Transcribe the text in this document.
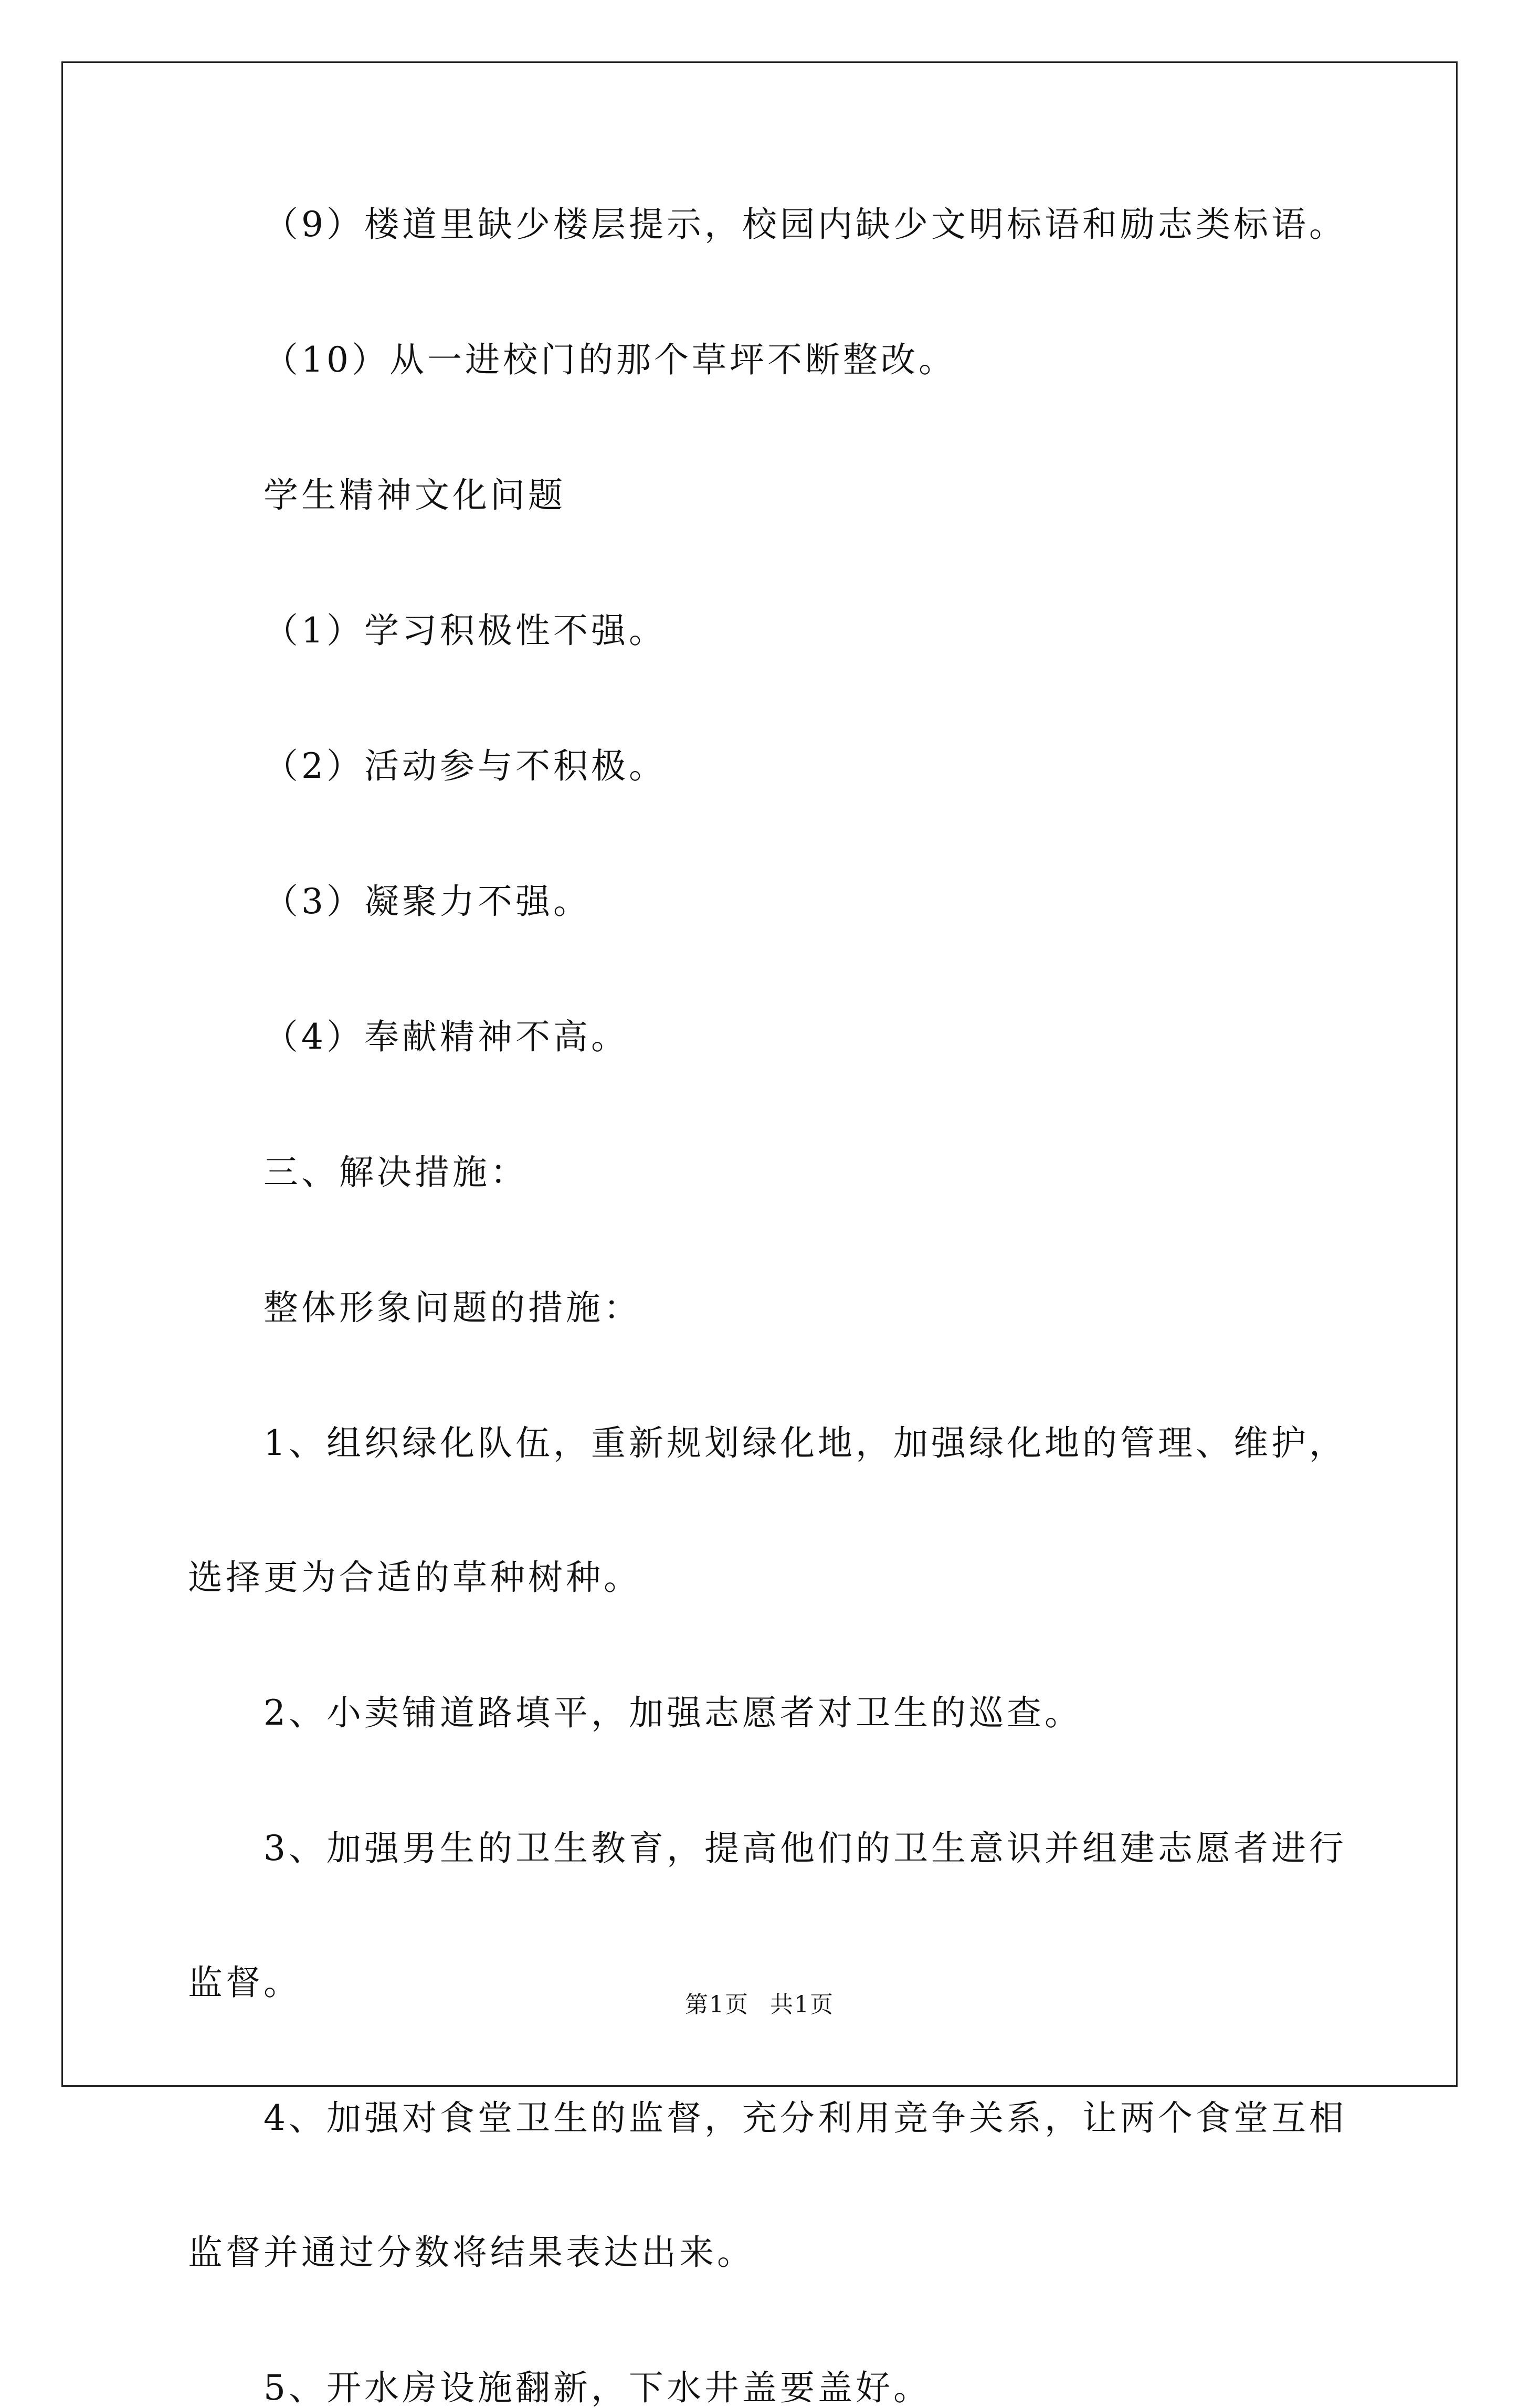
（9）楼道里缺少楼层提示，校园内缺少文明标语和励志类标语。

（10）从一进校门的那个草坪不断整改。

学生精神文化问题

（1）学习积极性不强。

（2）活动参与不积极。

（3）凝聚力不强。

（4）奉献精神不高。

三、解决措施：

整体形象问题的措施：

1、组织绿化队伍，重新规划绿化地，加强绿化地的管理、维护，

选择更为合适的草种树种。

2、小卖铺道路填平，加强志愿者对卫生的巡查。

3、加强男生的卫生教育，提高他们的卫生意识并组建志愿者进行

监督。

4、加强对食堂卫生的监督，充分利用竞争关系，让两个食堂互相

监督并通过分数将结果表达出来。

5、开水房设施翻新，下水井盖要盖好。

第1页 共1页
